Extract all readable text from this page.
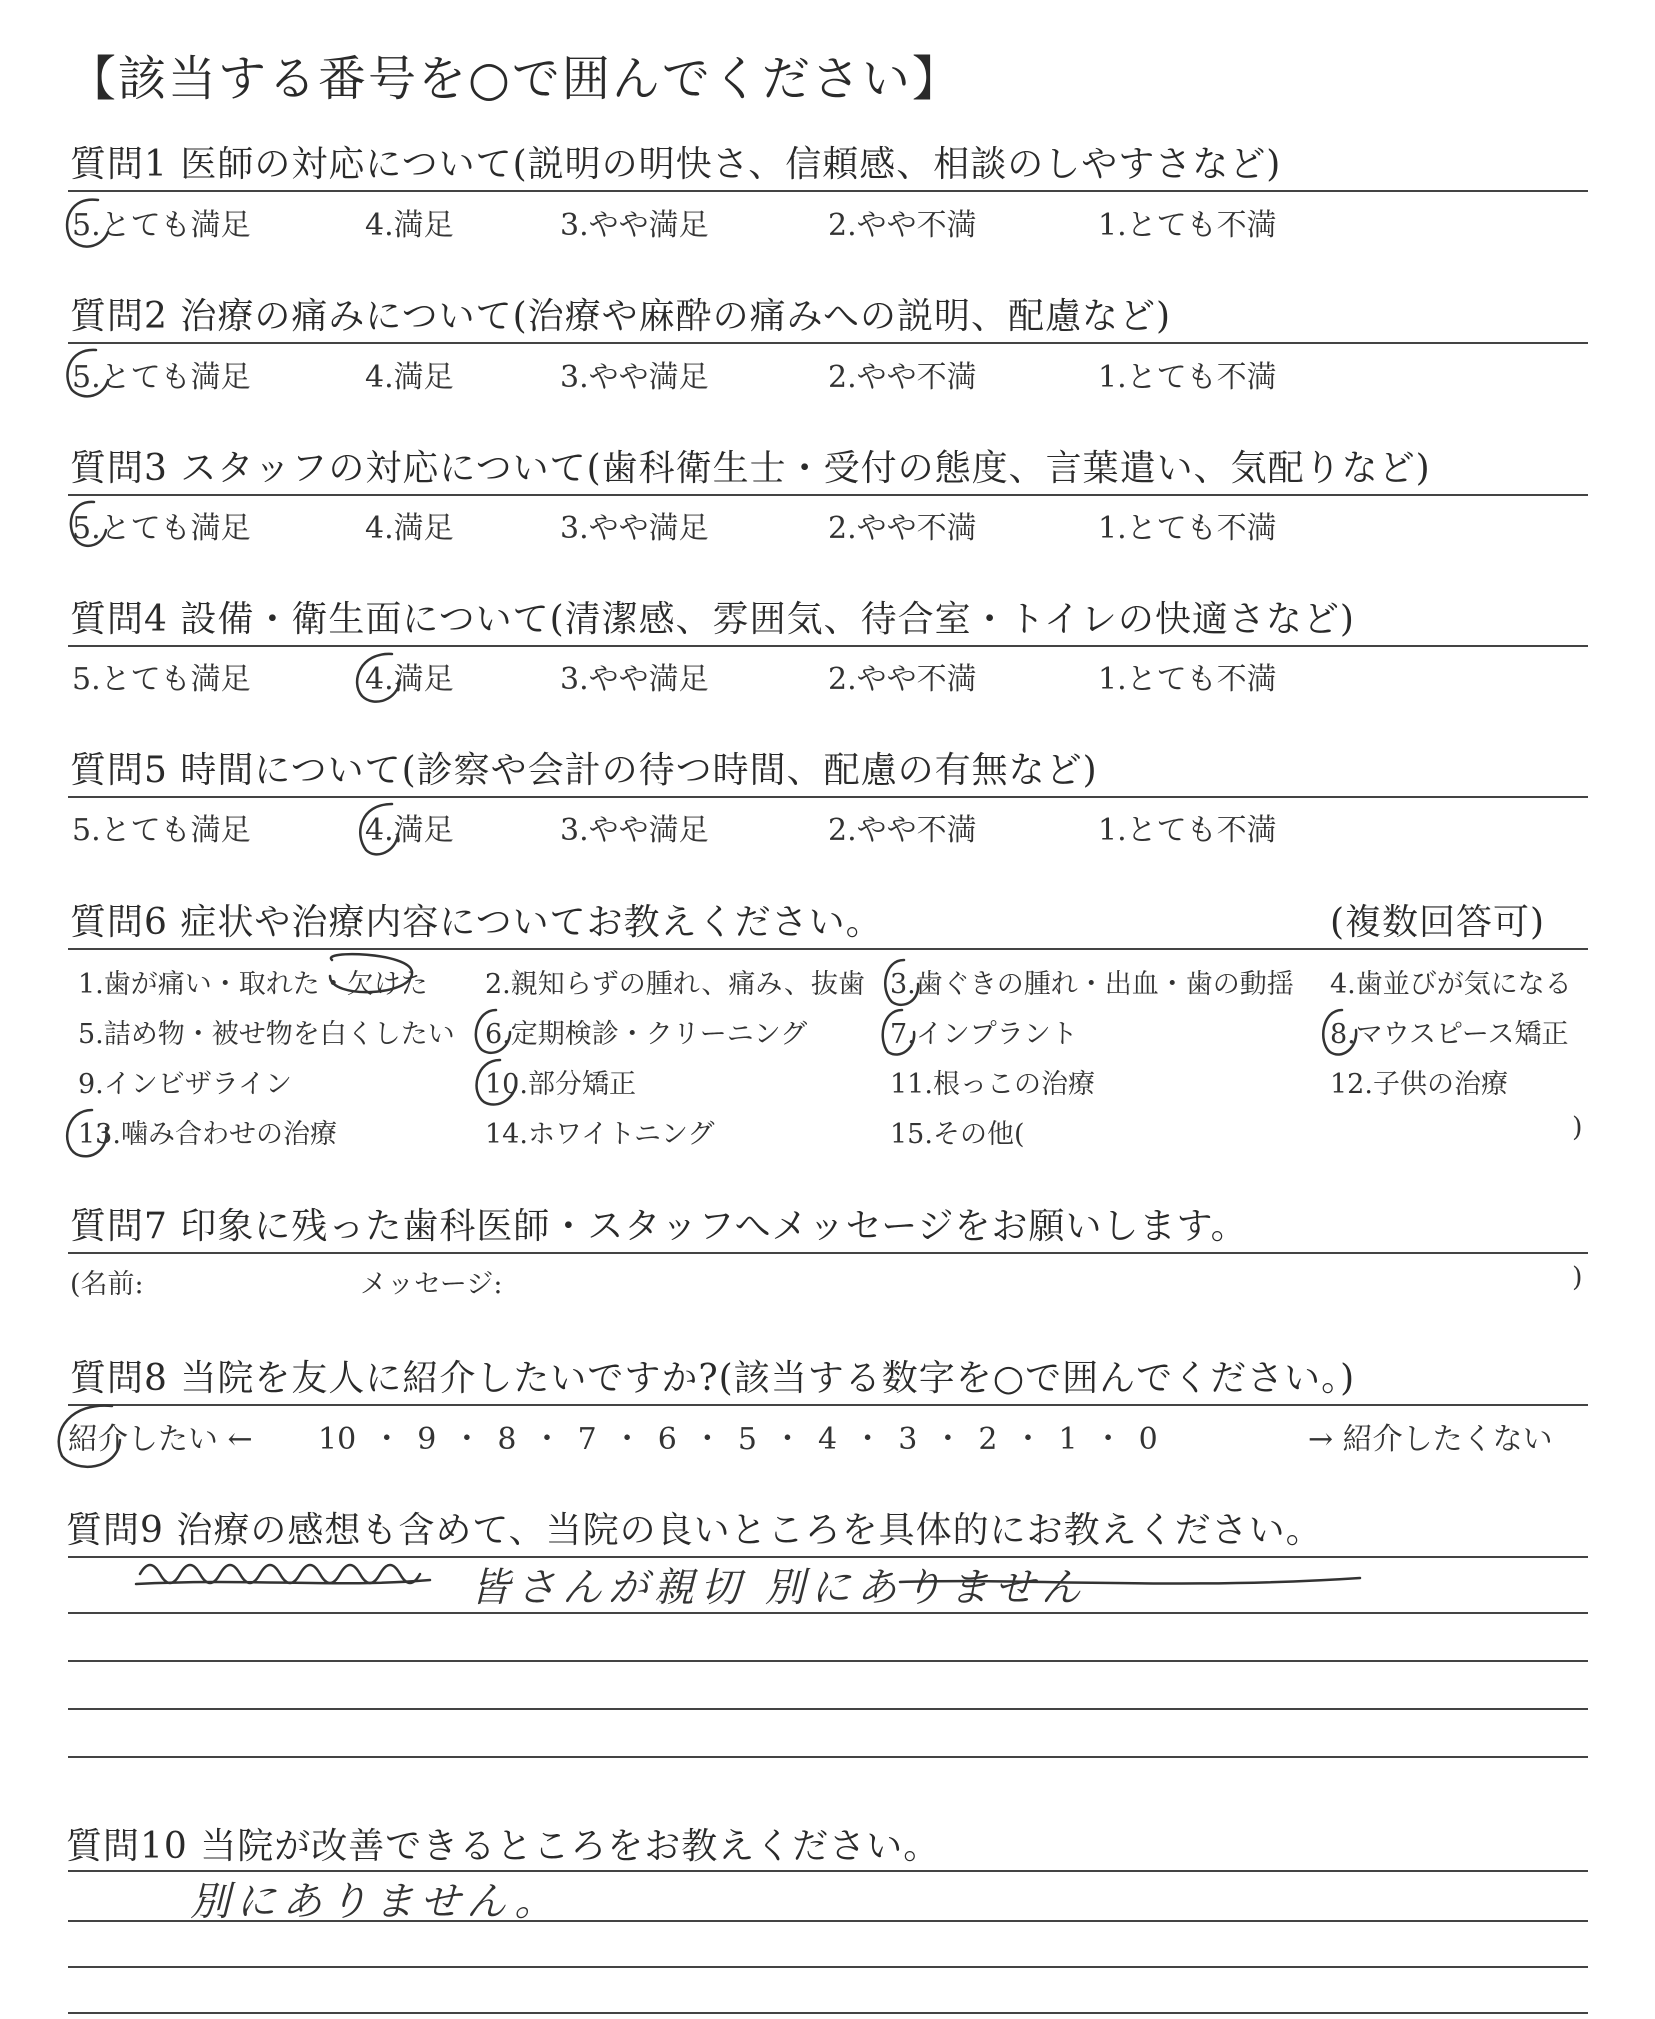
【該当する番号を○で囲んでください】
質問1 医師の対応について(説明の明快さ、信頼感、相談のしやすさなど)
5.とても満足	4.満足	3.やや満足	2.やや不満	1.とても不満
質問2 治療の痛みについて(治療や麻酔の痛みへの説明、配慮など)
5.とても満足	4.満足	3.やや満足	2.やや不満	1.とても不満
質問3 スタッフの対応について(歯科衛生士・受付の態度、言葉遣い、気配りなど)
5.とても満足	4.満足	3.やや満足	2.やや不満	1.とても不満
質問4 設備・衛生面について(清潔感、雰囲気、待合室・トイレの快適さなど)
5.とても満足	4.満足	3.やや満足	2.やや不満	1.とても不満
質問5 時間について(診察や会計の待つ時間、配慮の有無など)
5.とても満足	4.満足	3.やや満足	2.やや不満	1.とても不満
質問6 症状や治療内容についてお教えください。	(複数回答可)
1.歯が痛い・取れた・欠けた 2.親知らずの腫れ、痛み、抜歯 3.歯ぐきの腫れ・出血・歯の動揺 4.歯並びが気になる
5.詰め物・被せ物を白くしたい 6.定期検診・クリーニング	7.インプラント	8.マウスピース矯正
9.インビザライン	10.部分矯正	11.根っこの治療	12.子供の治療
13.噛み合わせの治療	14.ホワイトニング	15.その他(	)
質問7 印象に残った歯科医師・スタッフへメッセージをお願いします。
(名前:	メッセージ:	)
質問8 当院を友人に紹介したいですか?(該当する数字を○で囲んでください。)
紹介したい ← 10 ・ 9 ・ 8 ・ 7 ・ 6 ・ 5 ・ 4 ・ 3 ・ 2 ・ 1 ・ 0	→ 紹介したくない
質問9 治療の感想も含めて、当院の良いところを具体的にお教えください。
皆さんが親切 別にありません
質問10 当院が改善できるところをお教えください。
別にありません。
